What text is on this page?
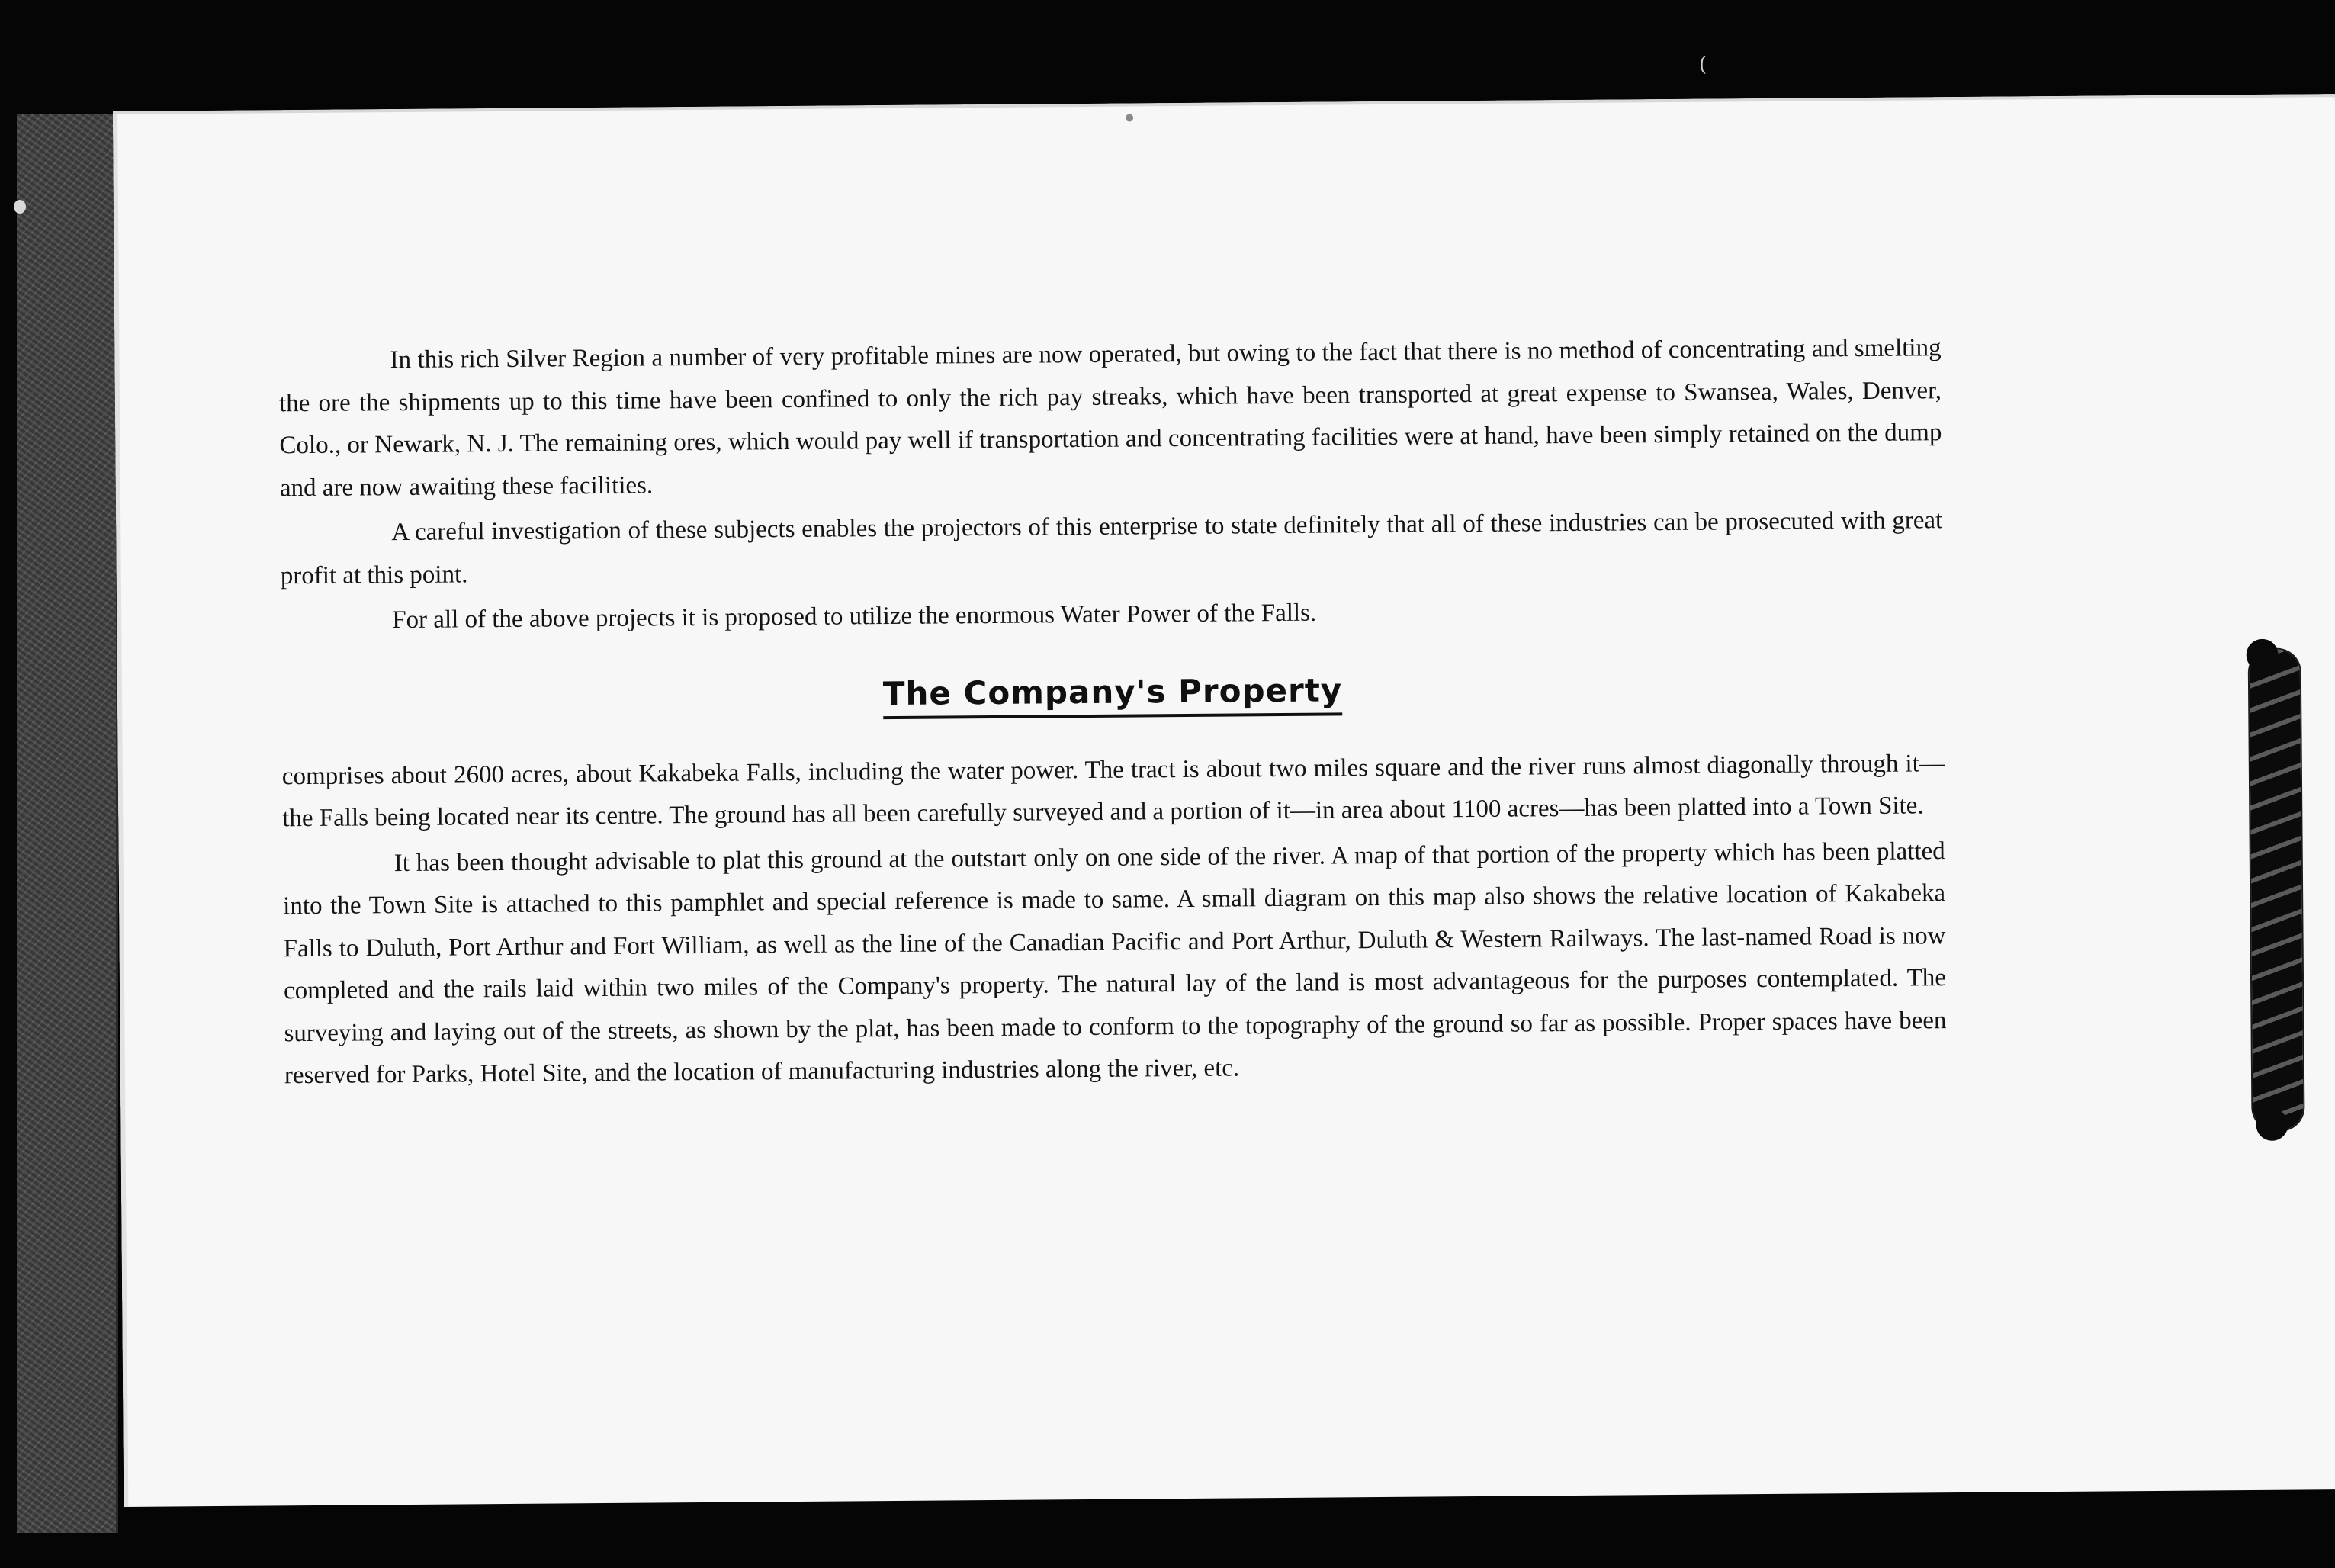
(

In this rich Silver Region a number of very profitable mines are now operated, but owing to the fact that there is no method of concentrating and smelting the ore the shipments up to this time have been confined to only the rich pay streaks, which have been transported at great expense to Swansea, Wales, Denver, Colo., or Newark, N. J. The remaining ores, which would pay well if transportation and concentrating facilities were at hand, have been simply retained on the dump and are now awaiting these facilities.

A careful investigation of these subjects enables the projectors of this enterprise to state definitely that all of these industries can be prosecuted with great profit at this point.

For all of the above projects it is proposed to utilize the enormous Water Power of the Falls.

The Company's Property

comprises about 2600 acres, about Kakabeka Falls, including the water power. The tract is about two miles square and the river runs almost diagonally through it—the Falls being located near its centre. The ground has all been carefully surveyed and a portion of it—in area about 1100 acres—has been platted into a Town Site.

It has been thought advisable to plat this ground at the outstart only on one side of the river. A map of that portion of the property which has been platted into the Town Site is attached to this pamphlet and special reference is made to same. A small diagram on this map also shows the relative location of Kakabeka Falls to Duluth, Port Arthur and Fort William, as well as the line of the Canadian Pacific and Port Arthur, Duluth & Western Railways. The last-named Road is now completed and the rails laid within two miles of the Company's property. The natural lay of the land is most advantageous for the purposes contemplated. The surveying and laying out of the streets, as shown by the plat, has been made to conform to the topography of the ground so far as possible. Proper spaces have been reserved for Parks, Hotel Site, and the location of manufacturing industries along the river, etc.
